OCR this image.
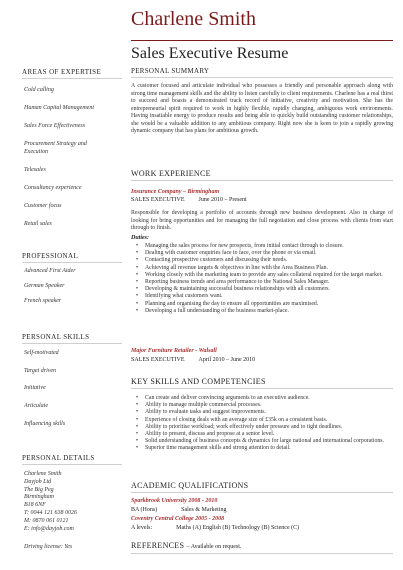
Charlene Smith
Sales Executive Resume
AREAS OF EXPERTISE
Cold calling
Human Capital Management
Sales Force Effectiveness
Procurement Strategy and
Execution
Telesales
Consultancy experience
Customer focus
Retail sales
PROFESSIONAL
Advanced First Aider
German Speaker
French speaker
PERSONAL SKILLS
Self-motivated
Target driven
Initiative
Articulate
Influencing skills
PERSONAL DETAILS
Charlene Smith
Dayjob Ltd
The Big Peg
Birmingham
B18 6NF
T: 0044 121 638 0026
M: 0870 061 0121
E: info@dayjob.com
Driving license: Yes
PERSONAL SUMMARY
A customer focused and articulate individual who possesses a friendly and personable approach along with strong time management skills and the ability to listen carefully to client requirements. Charlene has a real thirst to succeed and boasts a demonstrated track record of initiative, creativity and motivation. She has the entrepreneurial spirit required to work in highly flexible, rapidly changing, ambiguous work environments. Having insatiable energy to produce results and being able to quickly build outstanding customer relationships, she would be a valuable addition to any ambitious company. Right now she is keen to join a rapidly growing dynamic company that has plans for ambitious growth.
WORK EXPERIENCE
Insurance Company – Birmingham
SALES EXECUTIVE June 2010 – Present
Responsible for developing a portfolio of accounts through new business development. Also in charge of looking for bring opportunities and for managing the full negotiation and close process with clients from start through to finish.
Duties:
• Managing the sales process for new prospects, from initial contact through to closure.
• Dealing with customer enquiries face to face, over the phone or via email.
• Contacting prospective customers and discussing their needs.
• Achieving all revenue targets & objectives in line with the Area Business Plan.
• Working closely with the marketing team to provide any sales collateral required for the target market.
• Reporting business trends and area performance to the National Sales Manager.
• Developing & maintaining successful business relationships with all customers.
• Identifying what customers want.
• Planning and organising the day to ensure all opportunities are maximised.
• Developing a full understanding of the business market-place.
Major Furniture Retailer - Walsall
SALES EXECUTIVE April 2010 – June 2010
KEY SKILLS AND COMPETENCIES
• Can create and deliver convincing arguments to an executive audience.
• Ability to manage multiple commercial processes.
• Ability to evaluate tasks and suggest improvements.
• Experience of closing deals with an average size of £35k on a consistent basis.
• Ability to prioritise workload; work effectively under pressure and to tight deadlines.
• Ability to present, discuss and propose at a senior level.
• Solid understanding of business concepts & dynamics for large national and international corporations.
• Superior time management skills and strong attention to detail.
ACADEMIC QUALIFICATIONS
Sparkbrook University 2008 - 2010
BA (Hons)	Sales & Marketing
Coventry Central College 2005 - 2008
A levels:	Maths (A) English (B) Technology (B) Science (C)
REFERENCES – Available on request.
